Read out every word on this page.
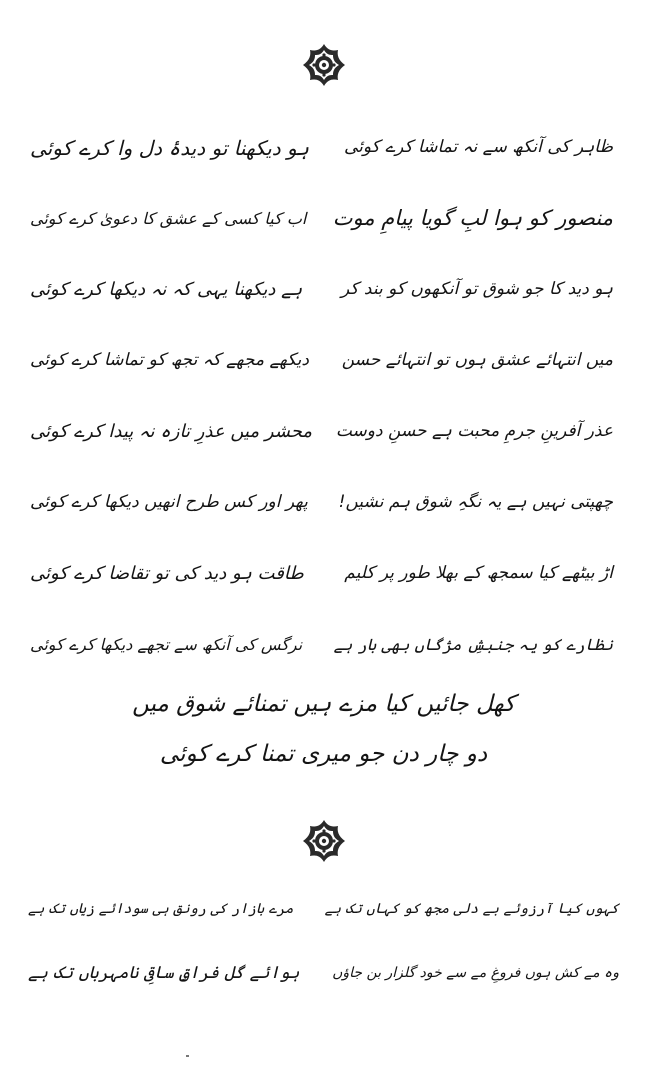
ظاہر کی آنکھ سے نہ تماشا کرے کوئی
ہو دیکھنا تو دیدۂ دل وا کرے کوئی
منصور کو ہوا لبِ گویا پیامِ موت
اب کیا کسی کے عشق کا دعویٰ کرے کوئی
ہو دید کا جو شوق تو آنکھوں کو بند کر
ہے دیکھنا یہی کہ نہ دیکھا کرے کوئی
میں انتہائے عشق ہوں تو انتہائے حسن
دیکھے مجھے کہ تجھ کو تماشا کرے کوئی
عذر آفرینِ جرمِ محبت ہے حسنِ دوست
محشر میں عذرِ تازہ نہ پیدا کرے کوئی
چھپتی نہیں ہے یہ نگہِ شوق ہم نشیں!
پھر اور کس طرح انھیں دیکھا کرے کوئی
اڑ بیٹھے کیا سمجھ کے بھلا طور پر کلیم
طاقت ہو دید کی تو تقاضا کرے کوئی
نظارے کو یہ جنبشِ مژگاں بھی بار ہے
نرگس کی آنکھ سے تجھے دیکھا کرے کوئی
کھل جائیں کیا مزے ہیں تمنائے شوق میں
دو چار دن جو میری تمنا کرے کوئی
کہوں کیا آرزوئے بے دلی مجھ کو کہاں تک ہے
مرے بازار کی رونق ہی سودائے زیاں تک ہے
وہ مے کش ہوں فروغِ مے سے خود گلزار بن جاؤں
ہوائے گل فراقِ ساقیِ نامہرباں تک ہے
